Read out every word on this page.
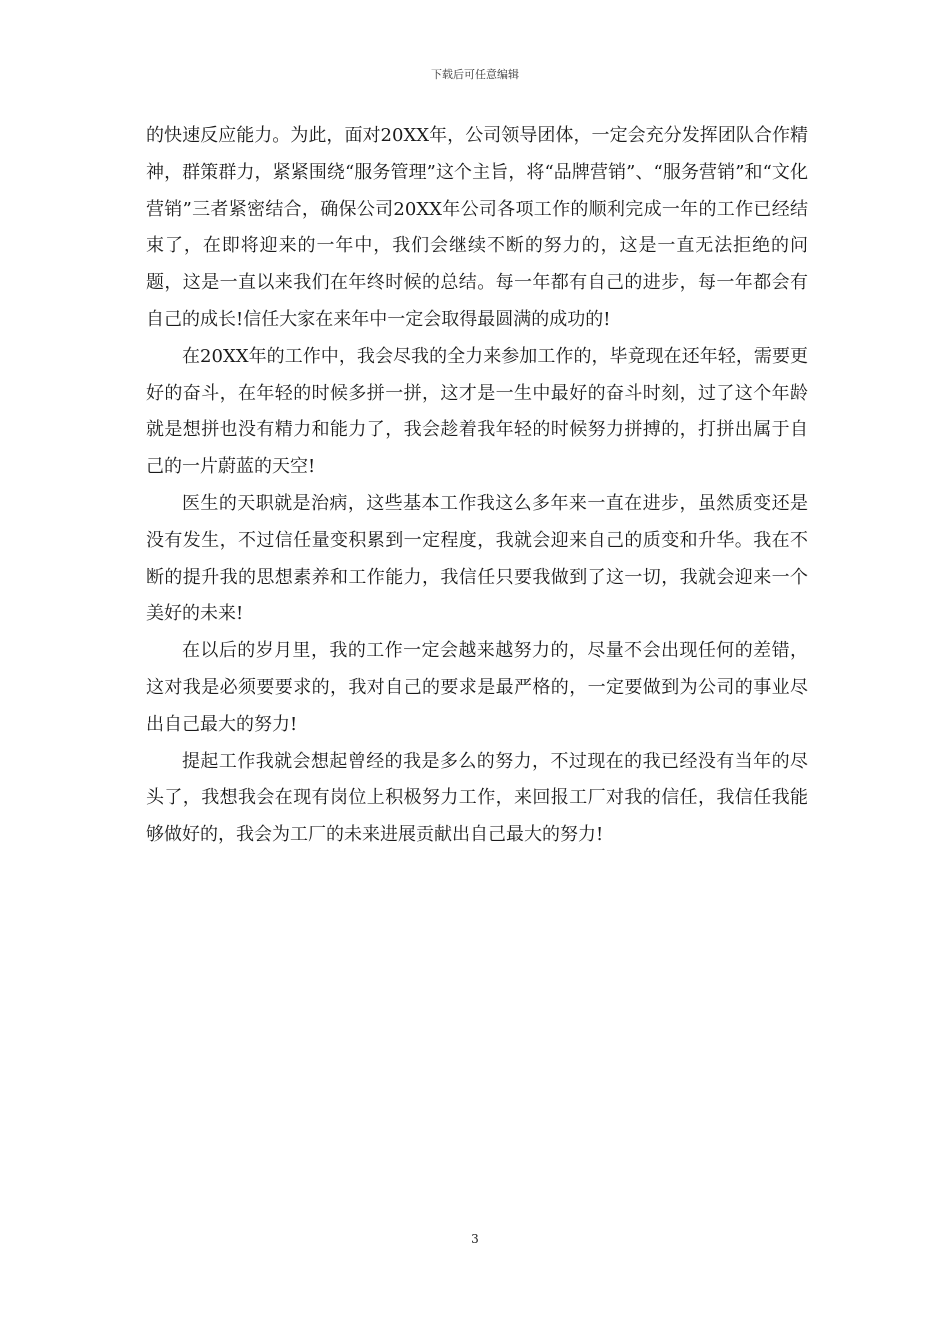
下载后可任意编辑

的快速反应能力。为此，面对20XX年，公司领导团体，一定会充分发挥团队合作精神，群策群力，紧紧围绕“服务管理”这个主旨，将“品牌营销”、“服务营销”和“文化营销”三者紧密结合，确保公司20XX年公司各项工作的顺利完成一年的工作已经结束了，在即将迎来的一年中，我们会继续不断的努力的，这是一直无法拒绝的问题，这是一直以来我们在年终时候的总结。每一年都有自己的进步，每一年都会有自己的成长!信任大家在来年中一定会取得最圆满的成功的!

在20XX年的工作中，我会尽我的全力来参加工作的，毕竟现在还年轻，需要更好的奋斗，在年轻的时候多拼一拼，这才是一生中最好的奋斗时刻，过了这个年龄就是想拼也没有精力和能力了，我会趁着我年轻的时候努力拼搏的，打拼出属于自己的一片蔚蓝的天空!

医生的天职就是治病，这些基本工作我这么多年来一直在进步，虽然质变还是没有发生，不过信任量变积累到一定程度，我就会迎来自己的质变和升华。我在不断的提升我的思想素养和工作能力，我信任只要我做到了这一切，我就会迎来一个美好的未来!

在以后的岁月里，我的工作一定会越来越努力的，尽量不会出现任何的差错，这对我是必须要要求的，我对自己的要求是最严格的，一定要做到为公司的事业尽出自己最大的努力!

提起工作我就会想起曾经的我是多么的努力，不过现在的我已经没有当年的尽头了，我想我会在现有岗位上积极努力工作，来回报工厂对我的信任，我信任我能够做好的，我会为工厂的未来进展贡献出自己最大的努力!

3
